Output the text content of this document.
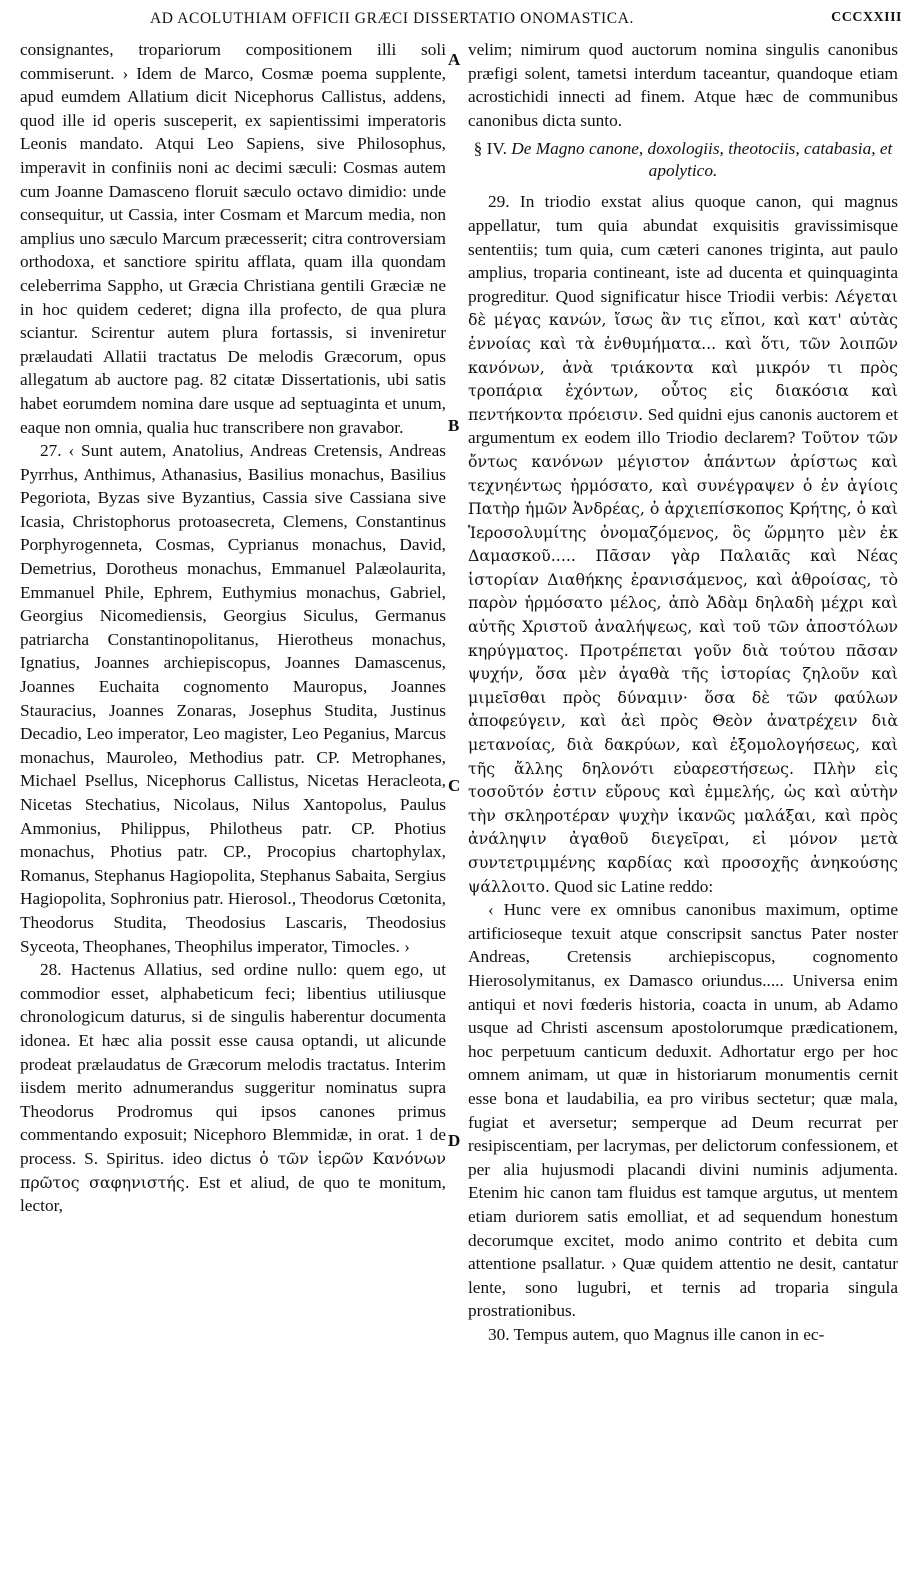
AD ACOLUTHIAM OFFICII GRÆCI DISSERTATIO ONOMASTICA.	CCCXXIII
A
B
C
D

consignantes, tropariorum compositionem illi soli commiserunt. › Idem de Marco, Cosmæ poema supplente, apud eumdem Allatium dicit Nicephorus Callistus, addens, quod ille id operis susceperit, ex sapientissimi imperatoris Leonis mandato. Atqui Leo Sapiens, sive Philosophus, imperavit in confiniis noni ac decimi sæculi: Cosmas autem cum Joanne Damasceno floruit sæculo octavo dimidio: unde consequitur, ut Cassia, inter Cosmam et Marcum media, non amplius uno sæculo Marcum præcesserit; citra controversiam orthodoxa, et sanctiore spiritu afflata, quam illa quondam celeberrima Sappho, ut Græcia Christiana gentili Græciæ ne in hoc quidem cederet; digna illa profecto, de qua plura sciantur. Scirentur autem plura fortassis, si inveniretur prælaudati Allatii tractatus De melodis Græcorum, opus allegatum ab auctore pag. 82 citatæ Dissertationis, ubi satis habet eorumdem nomina dare usque ad septuaginta et unum, eaque non omnia, qualia huc transcribere non gravabor.

27. ‹ Sunt autem, Anatolius, Andreas Cretensis, Andreas Pyrrhus, Anthimus, Athanasius, Basilius monachus, Basilius Pegoriota, Byzas sive Byzantius, Cassia sive Cassiana sive Icasia, Christophorus protoasecreta, Clemens, Constantinus Porphyrogenneta, Cosmas, Cyprianus monachus, David, Demetrius, Dorotheus monachus, Emmanuel Palæolaurita, Emmanuel Phile, Ephrem, Euthymius monachus, Gabriel, Georgius Nicomediensis, Georgius Siculus, Germanus patriarcha Constantinopolitanus, Hierotheus monachus, Ignatius, Joannes archiepiscopus, Joannes Damascenus, Joannes Euchaita cognomento Mauropus, Joannes Stauracius, Joannes Zonaras, Josephus Studita, Justinus Decadio, Leo imperator, Leo magister, Leo Peganius, Marcus monachus, Mauroleo, Methodius patr. CP. Metrophanes, Michael Psellus, Nicephorus Callistus, Nicetas Heracleota, Nicetas Stechatius, Nicolaus, Nilus Xantopolus, Paulus Ammonius, Philippus, Philotheus patr. CP. Photius monachus, Photius patr. CP., Procopius chartophylax, Romanus, Stephanus Hagiopolita, Stephanus Sabaita, Sergius Hagiopolita, Sophronius patr. Hierosol., Theodorus Cœtonita, Theodorus Studita, Theodosius Lascaris, Theodosius Syceota, Theophanes, Theophilus imperator, Timocles. ›

28. Hactenus Allatius, sed ordine nullo: quem ego, ut commodior esset, alphabeticum feci; libentius utiliusque chronologicum daturus, si de singulis haberentur documenta idonea. Et hæc alia possit esse causa optandi, ut alicunde prodeat prælaudatus de Græcorum melodis tractatus. Interim iisdem merito adnumerandus suggeritur nominatus supra Theodorus Prodromus qui ipsos canones primus commentando exposuit; Nicephoro Blemmidæ, in orat. 1 de process. S. Spiritus. ideo dictus ὁ τῶν ἱερῶν Κανόνων πρῶτος σαφηνιστής. Est et aliud, de quo te monitum, lector,

velim; nimirum quod auctorum nomina singulis canonibus præfigi solent, tametsi interdum taceantur, quandoque etiam acrostichidi innecti ad finem. Atque hæc de communibus canonibus dicta sunto.

§ IV. De Magno canone, doxologiis, theotociis, catabasia, et apolytico.

29. In triodio exstat alius quoque canon, qui magnus appellatur, tum quia abundat exquisitis gravissimisque sententiis; tum quia, cum cæteri canones triginta, aut paulo amplius, troparia contineant, iste ad ducenta et quinquaginta progreditur. Quod significatur hisce Triodii verbis: Λέγεται δὲ μέγας κανών, ἴσως ἂν τις εἴποι, καὶ κατ' αὐτὰς ἐννοίας καὶ τὰ ἐνθυμήματα... καὶ ὅτι, τῶν λοιπῶν κανόνων, ἀνὰ τριάκοντα καὶ μικρόν τι πρὸς τροπάρια ἐχόντων, οὗτος εἰς διακόσια καὶ πεντήκοντα πρόεισιν. Sed quidni ejus canonis auctorem et argumentum ex eodem illo Triodio declarem? Τοῦτον τῶν ὄντως κανόνων μέγιστον ἁπάντων ἀρίστως καὶ τεχνηέντως ἡρμόσατο, καὶ συνέγραψεν ὁ ἐν ἁγίοις Πατὴρ ἡμῶν Ἀνδρέας, ὁ ἀρχιεπίσκοπος Κρήτης, ὁ καὶ Ἱεροσολυμίτης ὀνομαζόμενος, ὃς ὥρμητο μὲν ἐκ Δαμασκοῦ..... Πᾶσαν γὰρ Παλαιᾶς καὶ Νέας ἱστορίαν Διαθήκης ἐρανισάμενος, καὶ ἀθροίσας, τὸ παρὸν ἡρμόσατο μέλος, ἀπὸ Ἀδὰμ δηλαδὴ μέχρι καὶ αὐτῆς Χριστοῦ ἀναλήψεως, καὶ τοῦ τῶν ἀποστόλων κηρύγματος. Προτρέπεται γοῦν διὰ τούτου πᾶσαν ψυχήν, ὅσα μὲν ἀγαθὰ τῆς ἱστορίας ζηλοῦν καὶ μιμεῖσθαι πρὸς δύναμιν· ὅσα δὲ τῶν φαύλων ἀποφεύγειν, καὶ ἀεὶ πρὸς Θεὸν ἀνατρέχειν διὰ μετανοίας, διὰ δακρύων, καὶ ἐξομολογήσεως, καὶ τῆς ἄλλης δηλονότι εὐαρεστήσεως. Πλὴν εἰς τοσοῦτόν ἐστιν εὔρους καὶ ἐμμελής, ὡς καὶ αὐτὴν τὴν σκληροτέραν ψυχὴν ἱκανῶς μαλάξαι, καὶ πρὸς ἀνάληψιν ἀγαθοῦ διεγεῖραι, εἰ μόνον μετὰ συντετριμμένης καρδίας καὶ προσοχῆς ἀνηκούσης ψάλλοιτο. Quod sic Latine reddo:

‹ Hunc vere ex omnibus canonibus maximum, optime artificioseque texuit atque conscripsit sanctus Pater noster Andreas, Cretensis archiepiscopus, cognomento Hierosolymitanus, ex Damasco oriundus..... Universa enim antiqui et novi fœderis historia, coacta in unum, ab Adamo usque ad Christi ascensum apostolorumque prædicationem, hoc perpetuum canticum deduxit. Adhortatur ergo per hoc omnem animam, ut quæ in historiarum monumentis cernit esse bona et laudabilia, ea pro viribus sectetur; quæ mala, fugiat et aversetur; semperque ad Deum recurrat per resipiscentiam, per lacrymas, per delictorum confessionem, et per alia hujusmodi placandi divini numinis adjumenta. Etenim hic canon tam fluidus est tamque argutus, ut mentem etiam duriorem satis emolliat, et ad sequendum honestum decorumque excitet, modo animo contrito et debita cum attentione psallatur. › Quæ quidem attentio ne desit, cantatur lente, sono lugubri, et ternis ad troparia singula prostrationibus.

30. Tempus autem, quo Magnus ille canon in ec-
